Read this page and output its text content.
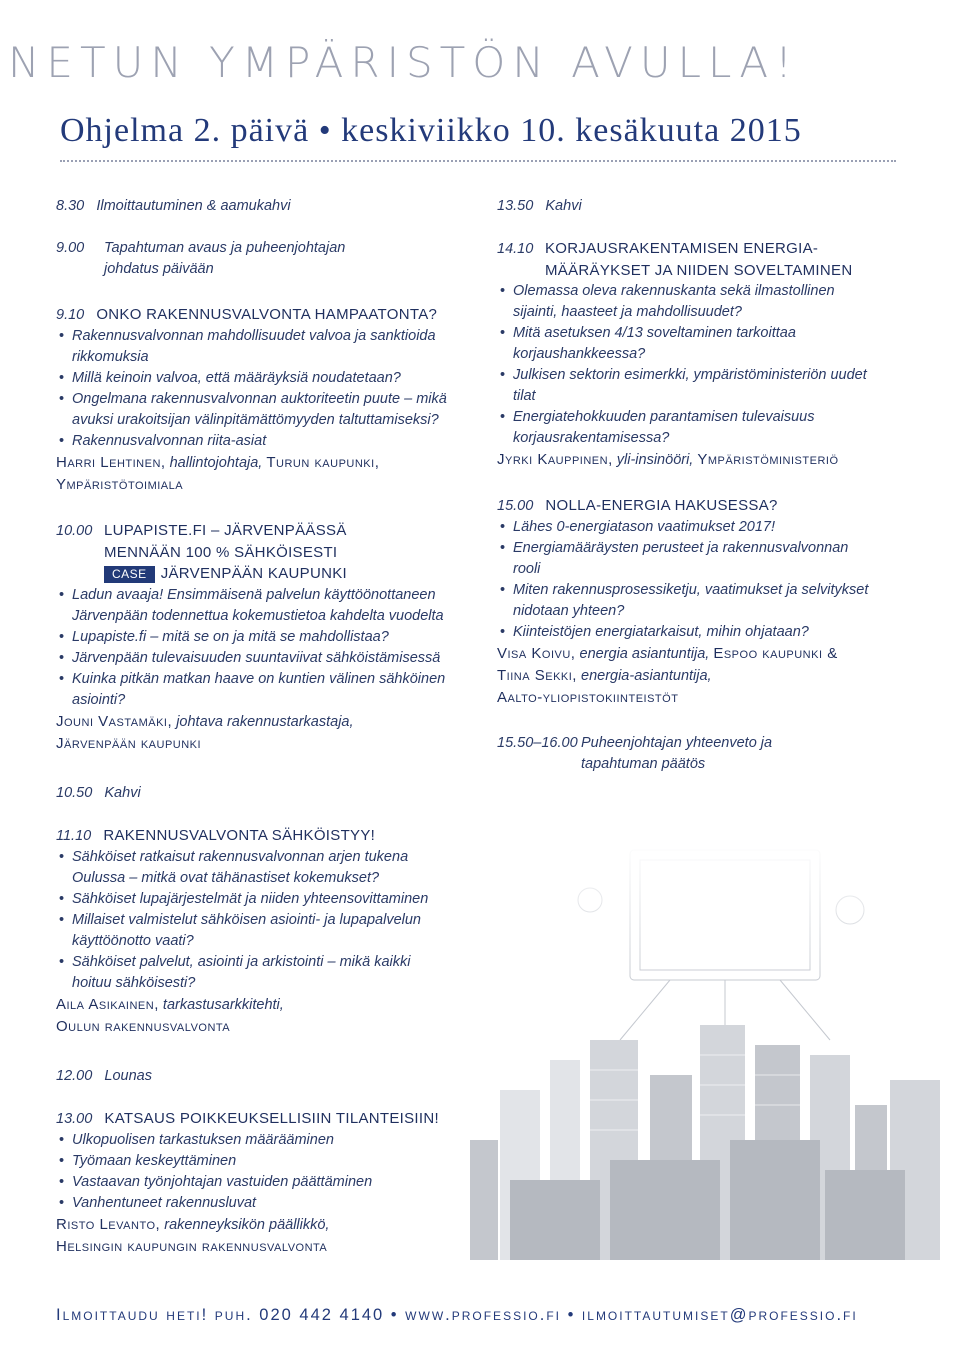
NETUN YMPÄRISTÖN AVULLA!
Ohjelma 2. päivä • keskiviikko 10. kesäkuuta 2015
8.30 Ilmoittautuminen & aamukahvi
9.00	Tapahtuman avaus ja puheenjohtajan johdatus päivään
9.10 ONKO RAKENNUSVALVONTA HAMPAATONTA?
• Rakennusvalvonnan mahdollisuudet valvoa ja sanktioida rikkomuksia
• Millä keinoin valvoa, että määräyksiä noudatetaan?
• Ongelmana rakennusvalvonnan auktoriteetin puute – mikä avuksi urakoitsijan välinpitämättömyyden taltuttamiseksi?
• Rakennusvalvonnan riita-asiat
Harri Lehtinen, hallintojohtaja, Turun kaupunki, Ympäristötoimiala
10.00 LUPAPISTE.FI – JÄRVENPÄÄSSÄ
MENNÄÄN 100 % SÄHKÖISESTI
CASE JÄRVENPÄÄN KAUPUNKI
• Ladun avaaja! Ensimmäisenä palvelun käyttöönottaneen Järvenpään todennettua kokemustietoa kahdelta vuodelta
• Lupapiste.fi – mitä se on ja mitä se mahdollistaa?
• Järvenpään tulevaisuuden suuntaviivat sähköistämisessä
• Kuinka pitkän matkan haave on kuntien välinen sähköinen asiointi?
Jouni Vastamäki, johtava rakennustarkastaja,
Järvenpään kaupunki
10.50 Kahvi
11.10 RAKENNUSVALVONTA SÄHKÖISTYY!
• Sähköiset ratkaisut rakennusvalvonnan arjen tukena Oulussa – mitkä ovat tähänastiset kokemukset?
• Sähköiset lupajärjestelmät ja niiden yhteensovittaminen
• Millaiset valmistelut sähköisen asiointi- ja lupapalvelun käyttöönotto vaati?
• Sähköiset palvelut, asiointi ja arkistointi – mikä kaikki hoituu sähköisesti?
Aila Asikainen, tarkastusarkkitehti,
Oulun rakennusvalvonta
12.00 Lounas
13.00 KATSAUS POIKKEUKSELLISIIN TILANTEISIIN!
• Ulkopuolisen tarkastuksen määrääminen
• Työmaan keskeyttäminen
• Vastaavan työnjohtajan vastuiden päättäminen
• Vanhentuneet rakennusluvat
Risto Levanto, rakenneyksikön päällikkö,
Helsingin kaupungin rakennusvalvonta
13.50 Kahvi
14.10 KORJAUSRAKENTAMISEN ENERGIA-
MÄÄRÄYKSET JA NIIDEN SOVELTAMINEN
• Olemassa oleva rakennuskanta sekä ilmastollinen sijainti, haasteet ja mahdollisuudet?
• Mitä asetuksen 4/13 soveltaminen tarkoittaa korjaushankkeessa?
• Julkisen sektorin esimerkki, ympäristöministeriön uudet tilat
• Energiatehokkuuden parantamisen tulevaisuus korjausrakentamisessa?
Jyrki Kauppinen, yli-insinööri, Ympäristöministeriö
15.00 NOLLA-ENERGIA HAKUSESSA?
• Lähes 0-energiatason vaatimukset 2017!
• Energiamääräysten perusteet ja rakennusvalvonnan rooli
• Miten rakennusprosessiketju, vaatimukset ja selvitykset nidotaan yhteen?
• Kiinteistöjen energiatarkaisut, mihin ohjataan?
Visa Koivu, energia asiantuntija, Espoo kaupunki &
Tiina Sekki, energia-asiantuntija,
Aalto-yliopistokiinteistöt
15.50–16.00 Puheenjohtajan yhteenveto ja tapahtuman päätös
Ilmoittaudu heti! puh. 020 442 4140 • www.professio.fi • ilmoittautumiset@professio.fi
